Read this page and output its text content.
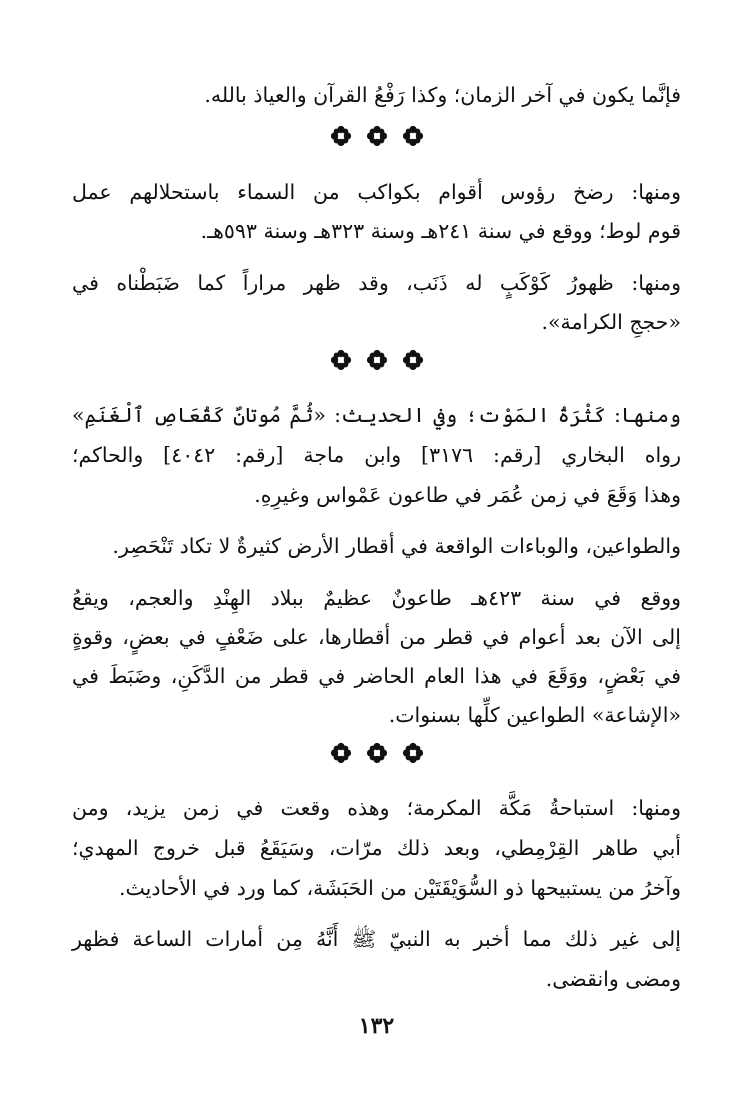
فإنَّما يكون في آخر الزمان؛ وكذا رَفْعُ القرآن والعياذ بالله.
ومنها: رضخ رؤوس أقوام بكواكب من السماء باستحلالهم عمل
قوم لوط؛ ووقع في سنة ٢٤١هـ وسنة ٣٢٣هـ وسنة ٥٩٣هـ.
ومنها: ظهورُ كَوْكَبٍ له ذَنَب، وقد ظهر مراراً كما ضَبَطْناه في
«حججِ الكرامة».
ومنها: كَثْرَةُ المَوْت؛ وفي الحديث: «ثُمَّ مُوتانٌ كَقُعَاصِ ٱلْغَنَمِ»
رواه البخاري [رقم: ٣١٧٦] وابن ماجة [رقم: ٤٠٤٢] والحاكم؛
وهذا وَقَعَ في زمن عُمَر في طاعون عَمْواس وغيرِهِ.
والطواعين، والوباءات الواقعة في أقطار الأرض كثيرةٌ لا تكاد تَنْحَصِر.
ووقع في سنة ٤٢٣هـ طاعونٌ عظيمٌ ببلاد الهِنْدِ والعجم، ويقعُ
إلى الآن بعد أعوام في قطر من أقطارها، على ضَعْفٍ في بعضٍ، وقوةٍ
في بَعْضٍ، ووَقَعَ في هذا العام الحاضر في قطر من الدَّكَنِ، وضَبَطَ في
«الإشاعة» الطواعين كلِّها بسنوات.
ومنها: استباحةُ مَكَّة المكرمة؛ وهذه وقعت في زمن يزيد، ومن
أبي طاهر القِرْمِطي، وبعد ذلك مرّات، وسَيَقَعُ قبل خروج المهدي؛
وآخرُ من يستبيحها ذو السُّوَيْقَتَيْن من الحَبَشَة، كما ورد في الأحاديث.
إلى غير ذلك مما أخبر به النبيّ ﷺ أَنَّهُ مِن أمارات الساعة فظهر
ومضى وانقضى.
١٣٢
